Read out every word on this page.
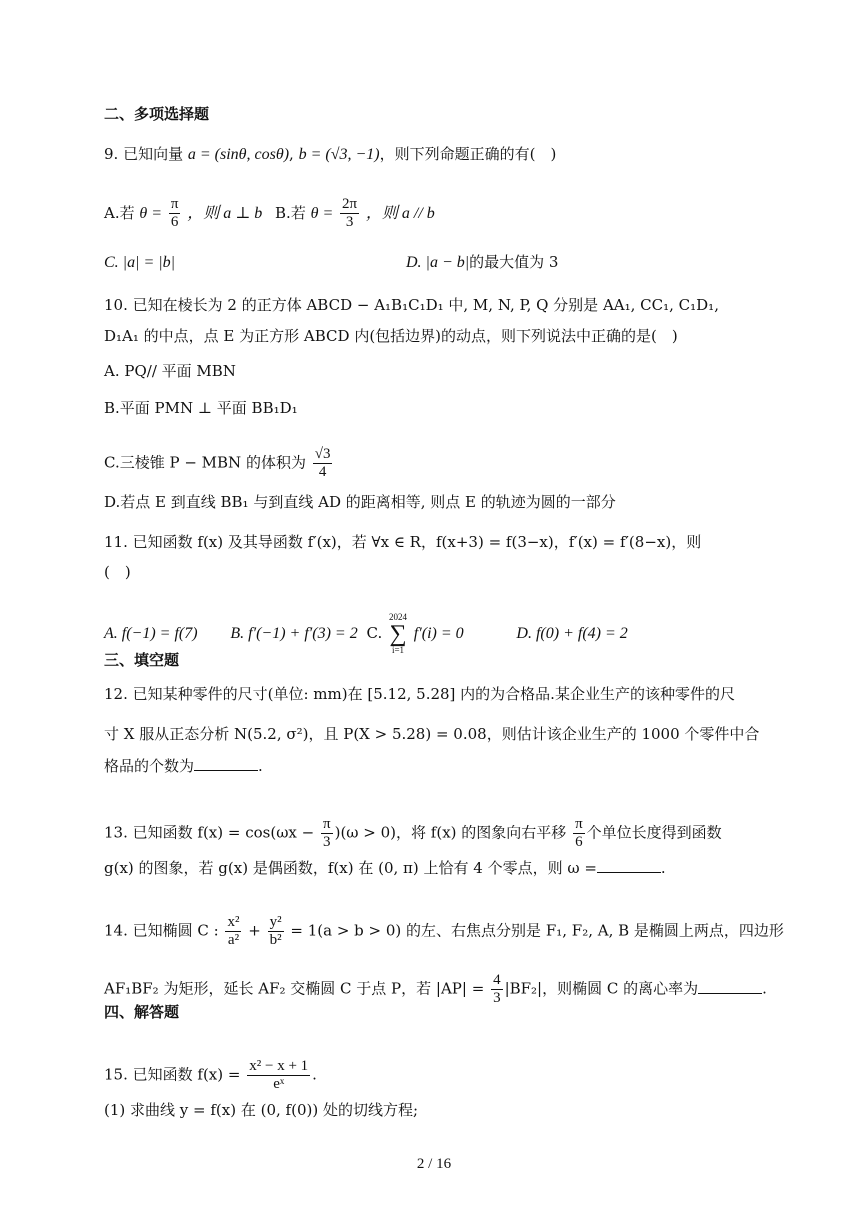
二、多项选择题
9. 已知向量 a = (sinθ, cosθ), b = (√3, −1)，则下列命题正确的有(　)
A.若 $\theta = \frac{\pi}{6}$ ，则 a ⊥ b B.若 $\theta = \frac{2\pi}{3}$ ，则 a // b
C. |a| = |b|	D. |a − b|的最大值为 3
10. 已知在棱长为 2 的正方体 ABCD − A₁B₁C₁D₁ 中, M, N, P, Q 分别是 AA₁, CC₁, C₁D₁,
D₁A₁ 的中点，点 E 为正方形 ABCD 内(包括边界)的动点，则下列说法中正确的是(　)
A. PQ// 平面 MBN
B.平面 PMN ⊥ 平面 BB₁D₁
C.三棱锥 P − MBN 的体积为 $\frac{√3}{4}$
D.若点 E 到直线 BB₁ 与到直线 AD 的距离相等, 则点 E 的轨迹为圆的一部分
11. 已知函数 f(x) 及其导函数 f′(x)，若 ∀x ∈ R，f(x+3) = f(3−x)，f′(x) = f′(8−x)，则
(　)
A. f(−1) = f(7) B. f′(−1) + f′(3) = 2 C.
2024
∑
i=1
f′(i) = 0	D. f(0) + f(4) = 2
三、填空题
12. 已知某种零件的尺寸(单位: mm)在 [5.12, 5.28] 内的为合格品.某企业生产的该种零件的尺
寸 X 服从正态分析 N(5.2, σ²)，且 P(X > 5.28) = 0.08，则估计该企业生产的 1000 个零件中合
格品的个数为	.
13. 已知函数 $f(x) = \cos(\omega x - \frac{\pi}{3} )(\omega > 0)$，将 f(x) 的图象向右平移 $\frac{\pi}{6}$ 个单位长度得到函数
g(x) 的图象，若 g(x) 是偶函数，f(x) 在 (0, π) 上恰有 4 个零点，则 ω =	.
14. 已知椭圆 C : $\frac{\text{x²}}{\text{a²}} + \frac{\text{y²}}{\text{b²}} = 1(a > b > 0)$ 的左、右焦点分别是 F₁, F₂, A, B 是椭圆上两点，四边形
AF₁BF₂ 为矩形，延长 AF₂ 交椭圆 C 于点 P，若 $|AP| = \frac{4}{3} |BF_2|$，则椭圆 C 的离心率为	.
四、解答题
15. 已知函数 $f(x) = \frac{\text{x² − x + 1}}{\text{eˣ}}$ .
(1) 求曲线 y = f(x) 在 (0, f(0)) 处的切线方程;
2 / 16
